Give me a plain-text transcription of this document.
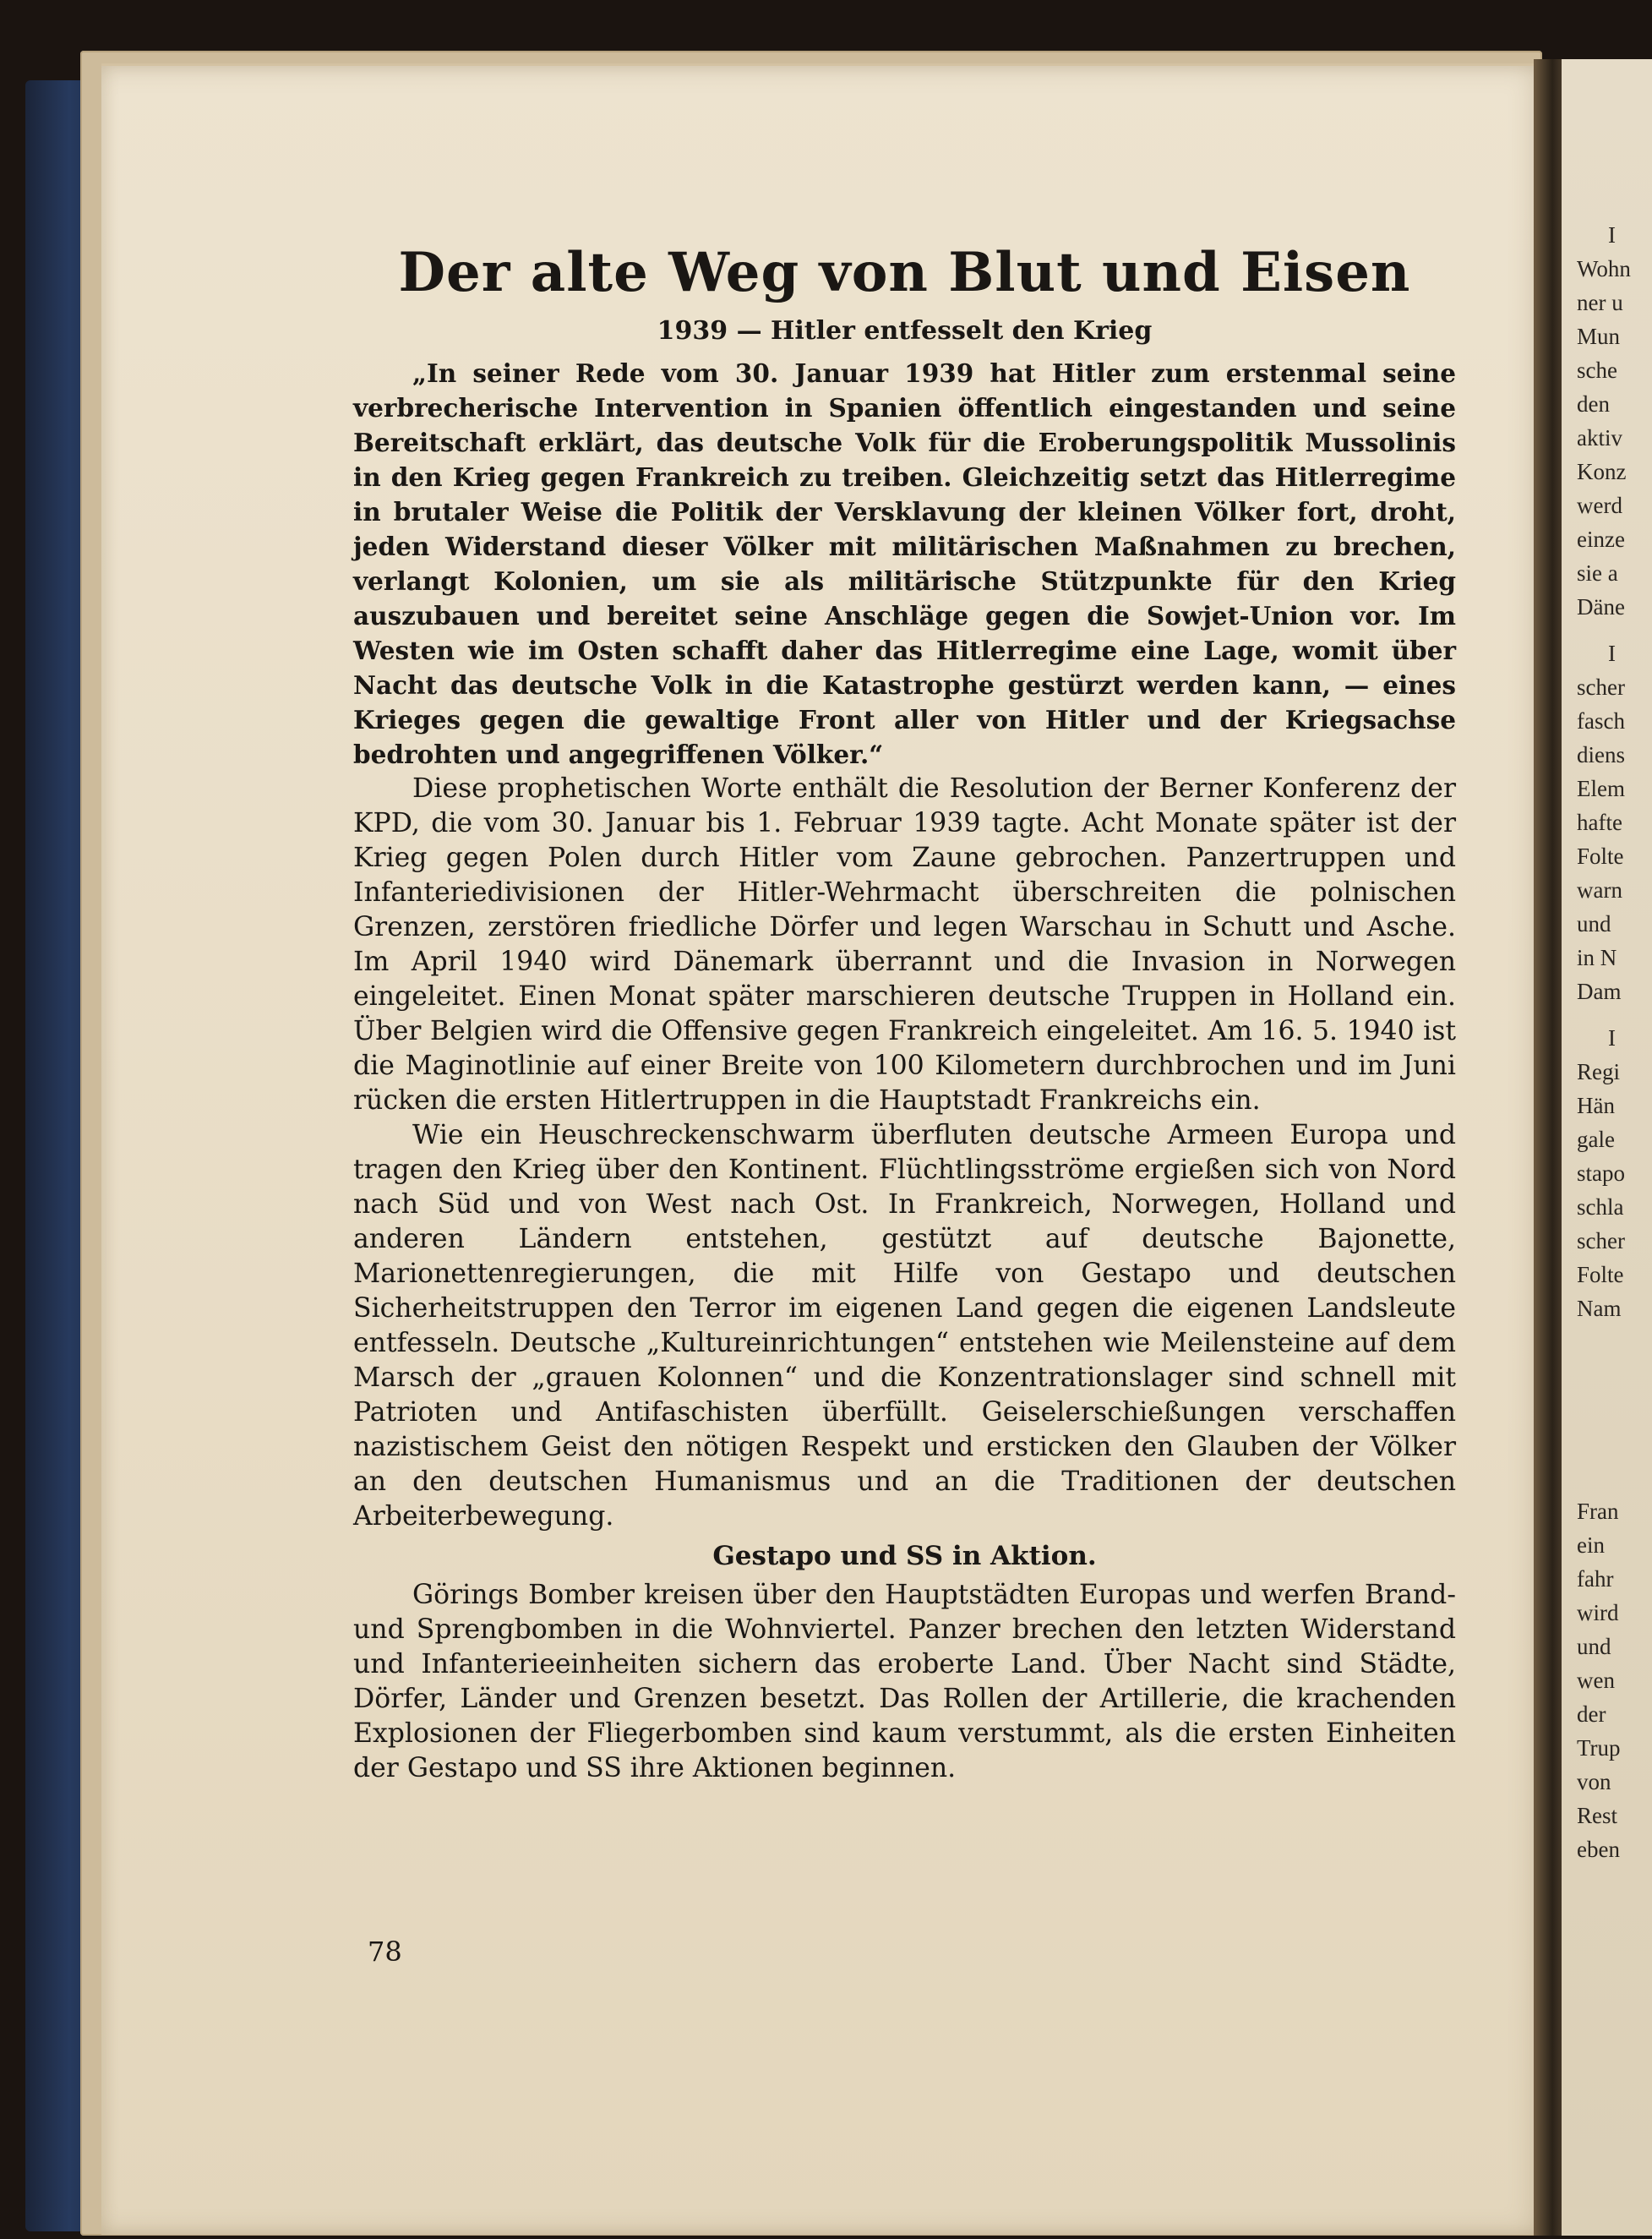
I
Wohn
ner u
Mun
sche
den
aktiv
Konz
werd
einze
sie a
Däne
I
scher
fasch
diens
Elem
hafte
Folte
warn
und
in N
Dam
I
Regi
Hän
gale
stapo
schla
scher
Folte
Nam
Fran
ein
fahr
wird
und
wen
der
Trup
von
Rest
eben
Der alte Weg von Blut und Eisen
1939 — Hitler entfesselt den Krieg

„In seiner Rede vom 30. Januar 1939 hat Hitler zum erstenmal seine verbrecherische Intervention in Spanien öffentlich eingestanden und seine Bereitschaft erklärt, das deutsche Volk für die Eroberungspolitik Mussolinis in den Krieg gegen Frankreich zu treiben. Gleichzeitig setzt das Hitlerregime in brutaler Weise die Politik der Versklavung der kleinen Völker fort, droht, jeden Widerstand dieser Völker mit militärischen Maßnahmen zu brechen, verlangt Kolonien, um sie als militärische Stützpunkte für den Krieg auszubauen und bereitet seine Anschläge gegen die Sowjet-Union vor. Im Westen wie im Osten schafft daher das Hitlerregime eine Lage, womit über Nacht das deutsche Volk in die Katastrophe gestürzt werden kann, — eines Krieges gegen die gewaltige Front aller von Hitler und der Kriegsachse bedrohten und angegriffenen Völker.“

Diese prophetischen Worte enthält die Resolution der Berner Konferenz der KPD, die vom 30. Januar bis 1. Februar 1939 tagte. Acht Monate später ist der Krieg gegen Polen durch Hitler vom Zaune gebrochen. Panzertruppen und Infanteriedivisionen der Hitler-Wehrmacht überschreiten die polnischen Grenzen, zerstören friedliche Dörfer und legen Warschau in Schutt und Asche. Im April 1940 wird Dänemark überrannt und die Invasion in Norwegen eingeleitet. Einen Monat später marschieren deutsche Truppen in Holland ein. Über Belgien wird die Offensive gegen Frankreich eingeleitet. Am 16. 5. 1940 ist die Maginotlinie auf einer Breite von 100 Kilometern durchbrochen und im Juni rücken die ersten Hitlertruppen in die Hauptstadt Frankreichs ein.

Wie ein Heuschreckenschwarm überfluten deutsche Armeen Europa und tragen den Krieg über den Kontinent. Flüchtlingsströme ergießen sich von Nord nach Süd und von West nach Ost. In Frankreich, Norwegen, Holland und anderen Ländern entstehen, gestützt auf deutsche Bajonette, Marionettenregierungen, die mit Hilfe von Gestapo und deutschen Sicherheitstruppen den Terror im eigenen Land gegen die eigenen Landsleute entfesseln. Deutsche „Kultureinrichtungen“ entstehen wie Meilensteine auf dem Marsch der „grauen Kolonnen“ und die Konzentrationslager sind schnell mit Patrioten und Antifaschisten überfüllt. Geiselerschießungen verschaffen nazistischem Geist den nötigen Respekt und ersticken den Glauben der Völker an den deutschen Humanismus und an die Traditionen der deutschen Arbeiterbewegung.

Gestapo und SS in Aktion.

Görings Bomber kreisen über den Hauptstädten Europas und werfen Brand- und Sprengbomben in die Wohnviertel. Panzer brechen den letzten Widerstand und Infanterieeinheiten sichern das eroberte Land. Über Nacht sind Städte, Dörfer, Länder und Grenzen besetzt. Das Rollen der Artillerie, die krachenden Explosionen der Fliegerbomben sind kaum verstummt, als die ersten Einheiten der Gestapo und SS ihre Aktionen beginnen.

78
